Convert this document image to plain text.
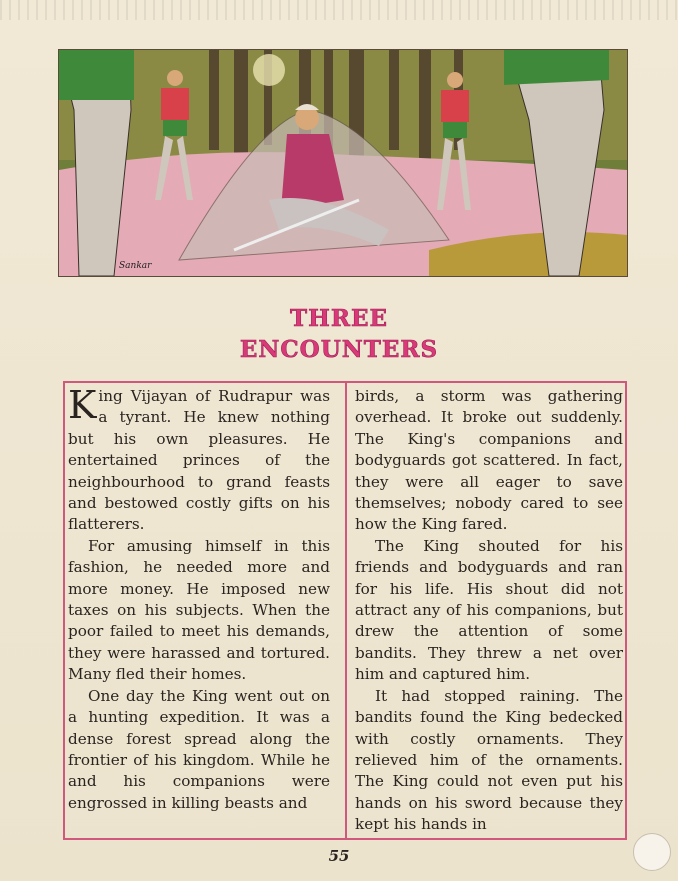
Sankar
THREE
ENCOUNTERS

King Vijayan of Rudrapur was a tyrant. He knew nothing but his own pleasures. He entertained princes of the neighbourhood to grand feasts and bestowed costly gifts on his flatterers.

For amusing himself in this fashion, he needed more and more money. He imposed new taxes on his subjects. When the poor failed to meet his demands, they were harassed and tortured. Many fled their homes.

One day the King went out on a hunting expedition. It was a dense forest spread along the frontier of his kingdom. While he and his companions were engrossed in killing beasts and

birds, a storm was gathering overhead. It broke out suddenly. The King's companions and bodyguards got scattered. In fact, they were all eager to save themselves; nobody cared to see how the King fared.

The King shouted for his friends and bodyguards and ran for his life. His shout did not attract any of his companions, but drew the attention of some bandits. They threw a net over him and captured him.

It had stopped raining. The bandits found the King bedecked with costly ornaments. They relieved him of the ornaments. The King could not even put his hands on his sword because they kept his hands in

55
